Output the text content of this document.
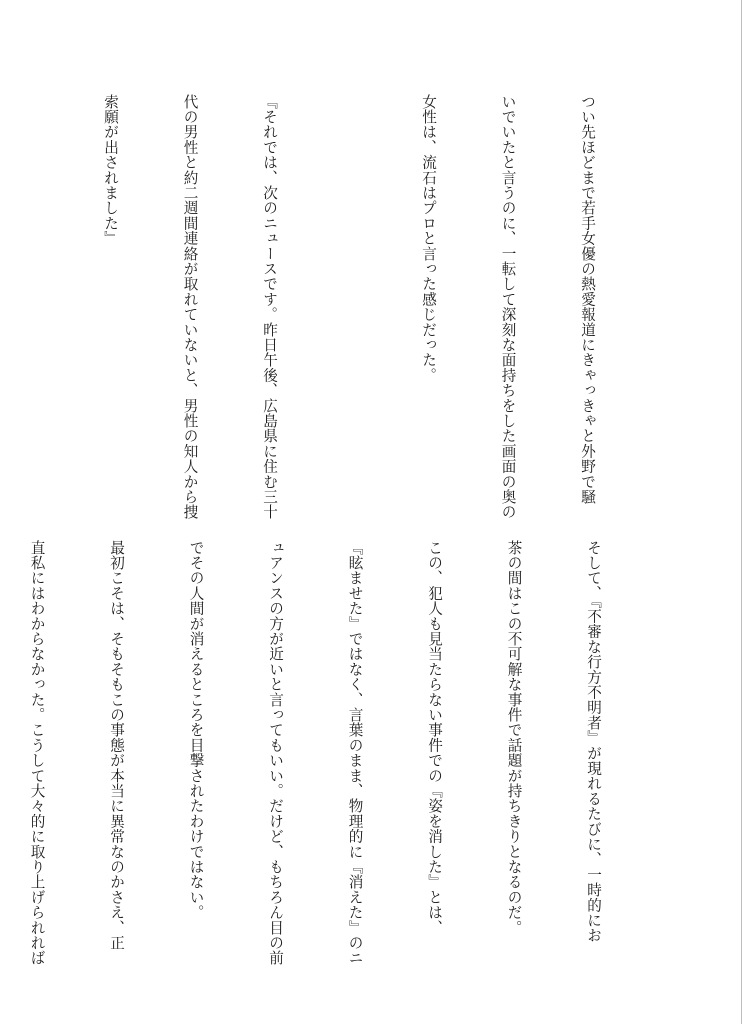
つい先ほどまで若手女優の熱愛報道にきゃっきゃと外野で騒

いでいたと言うのに、一転して深刻な面持ちをした画面の奥の

女性は、流石はプロと言った感じだった。

『それでは、次のニュースです。昨日午後、広島県に住む三十

代の男性と約二週間連絡が取れていないと、男性の知人から捜

索願が出されました』

そして、『不審な行方不明者』が現れるたびに、一時的にお

茶の間はこの不可解な事件で話題が持ちきりとなるのだ。

この、犯人も見当たらない事件での『姿を消した』とは、

『眩ませた』ではなく、言葉のまま、物理的に『消えた』のニ

ュアンスの方が近いと言ってもいい。だけど、もちろん目の前

でその人間が消えるところを目撃されたわけではない。

最初こそは、そもそもこの事態が本当に異常なのかさえ、正

直私にはわからなかった。こうして大々的に取り上げられれば
